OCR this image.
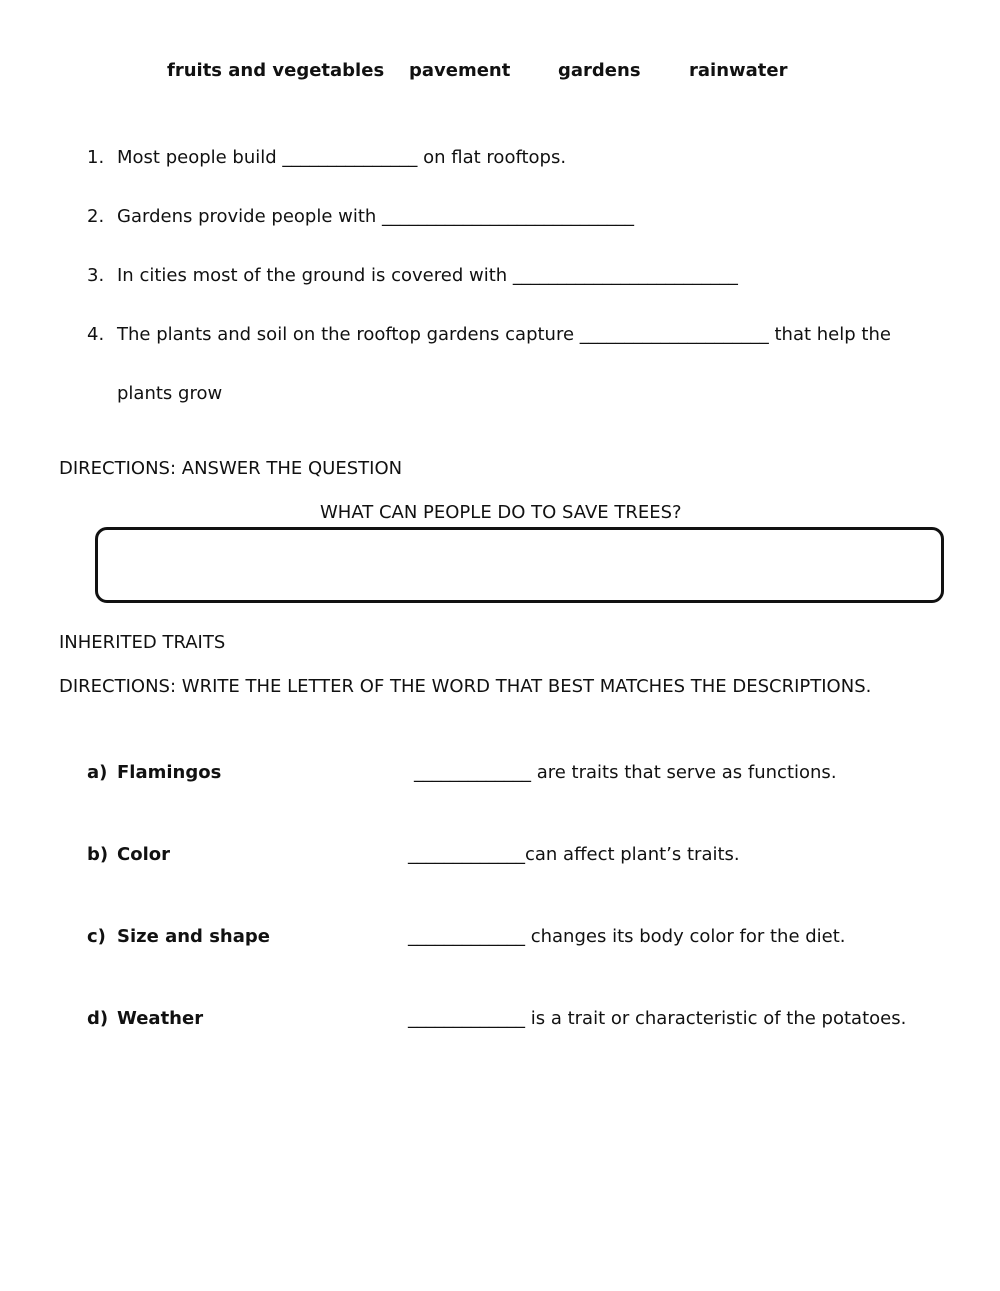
fruits and vegetables pavement	gardens	rainwater
1. Most people build _______________ on flat rooftops.
2. Gardens provide people with ____________________________
3. In cities most of the ground is covered with _________________________
4. The plants and soil on the rooftop gardens capture _____________________ that help the
plants grow
DIRECTIONS: ANSWER THE QUESTION
WHAT CAN PEOPLE DO TO SAVE TREES?
INHERITED TRAITS
DIRECTIONS: WRITE THE LETTER OF THE WORD THAT BEST MATCHES THE DESCRIPTIONS.
a) Flamingos	_____________ are traits that serve as functions.
b) Color	_____________can affect plant’s traits.
c) Size and shape	_____________ changes its body color for the diet.
d) Weather	_____________ is a trait or characteristic of the potatoes.
